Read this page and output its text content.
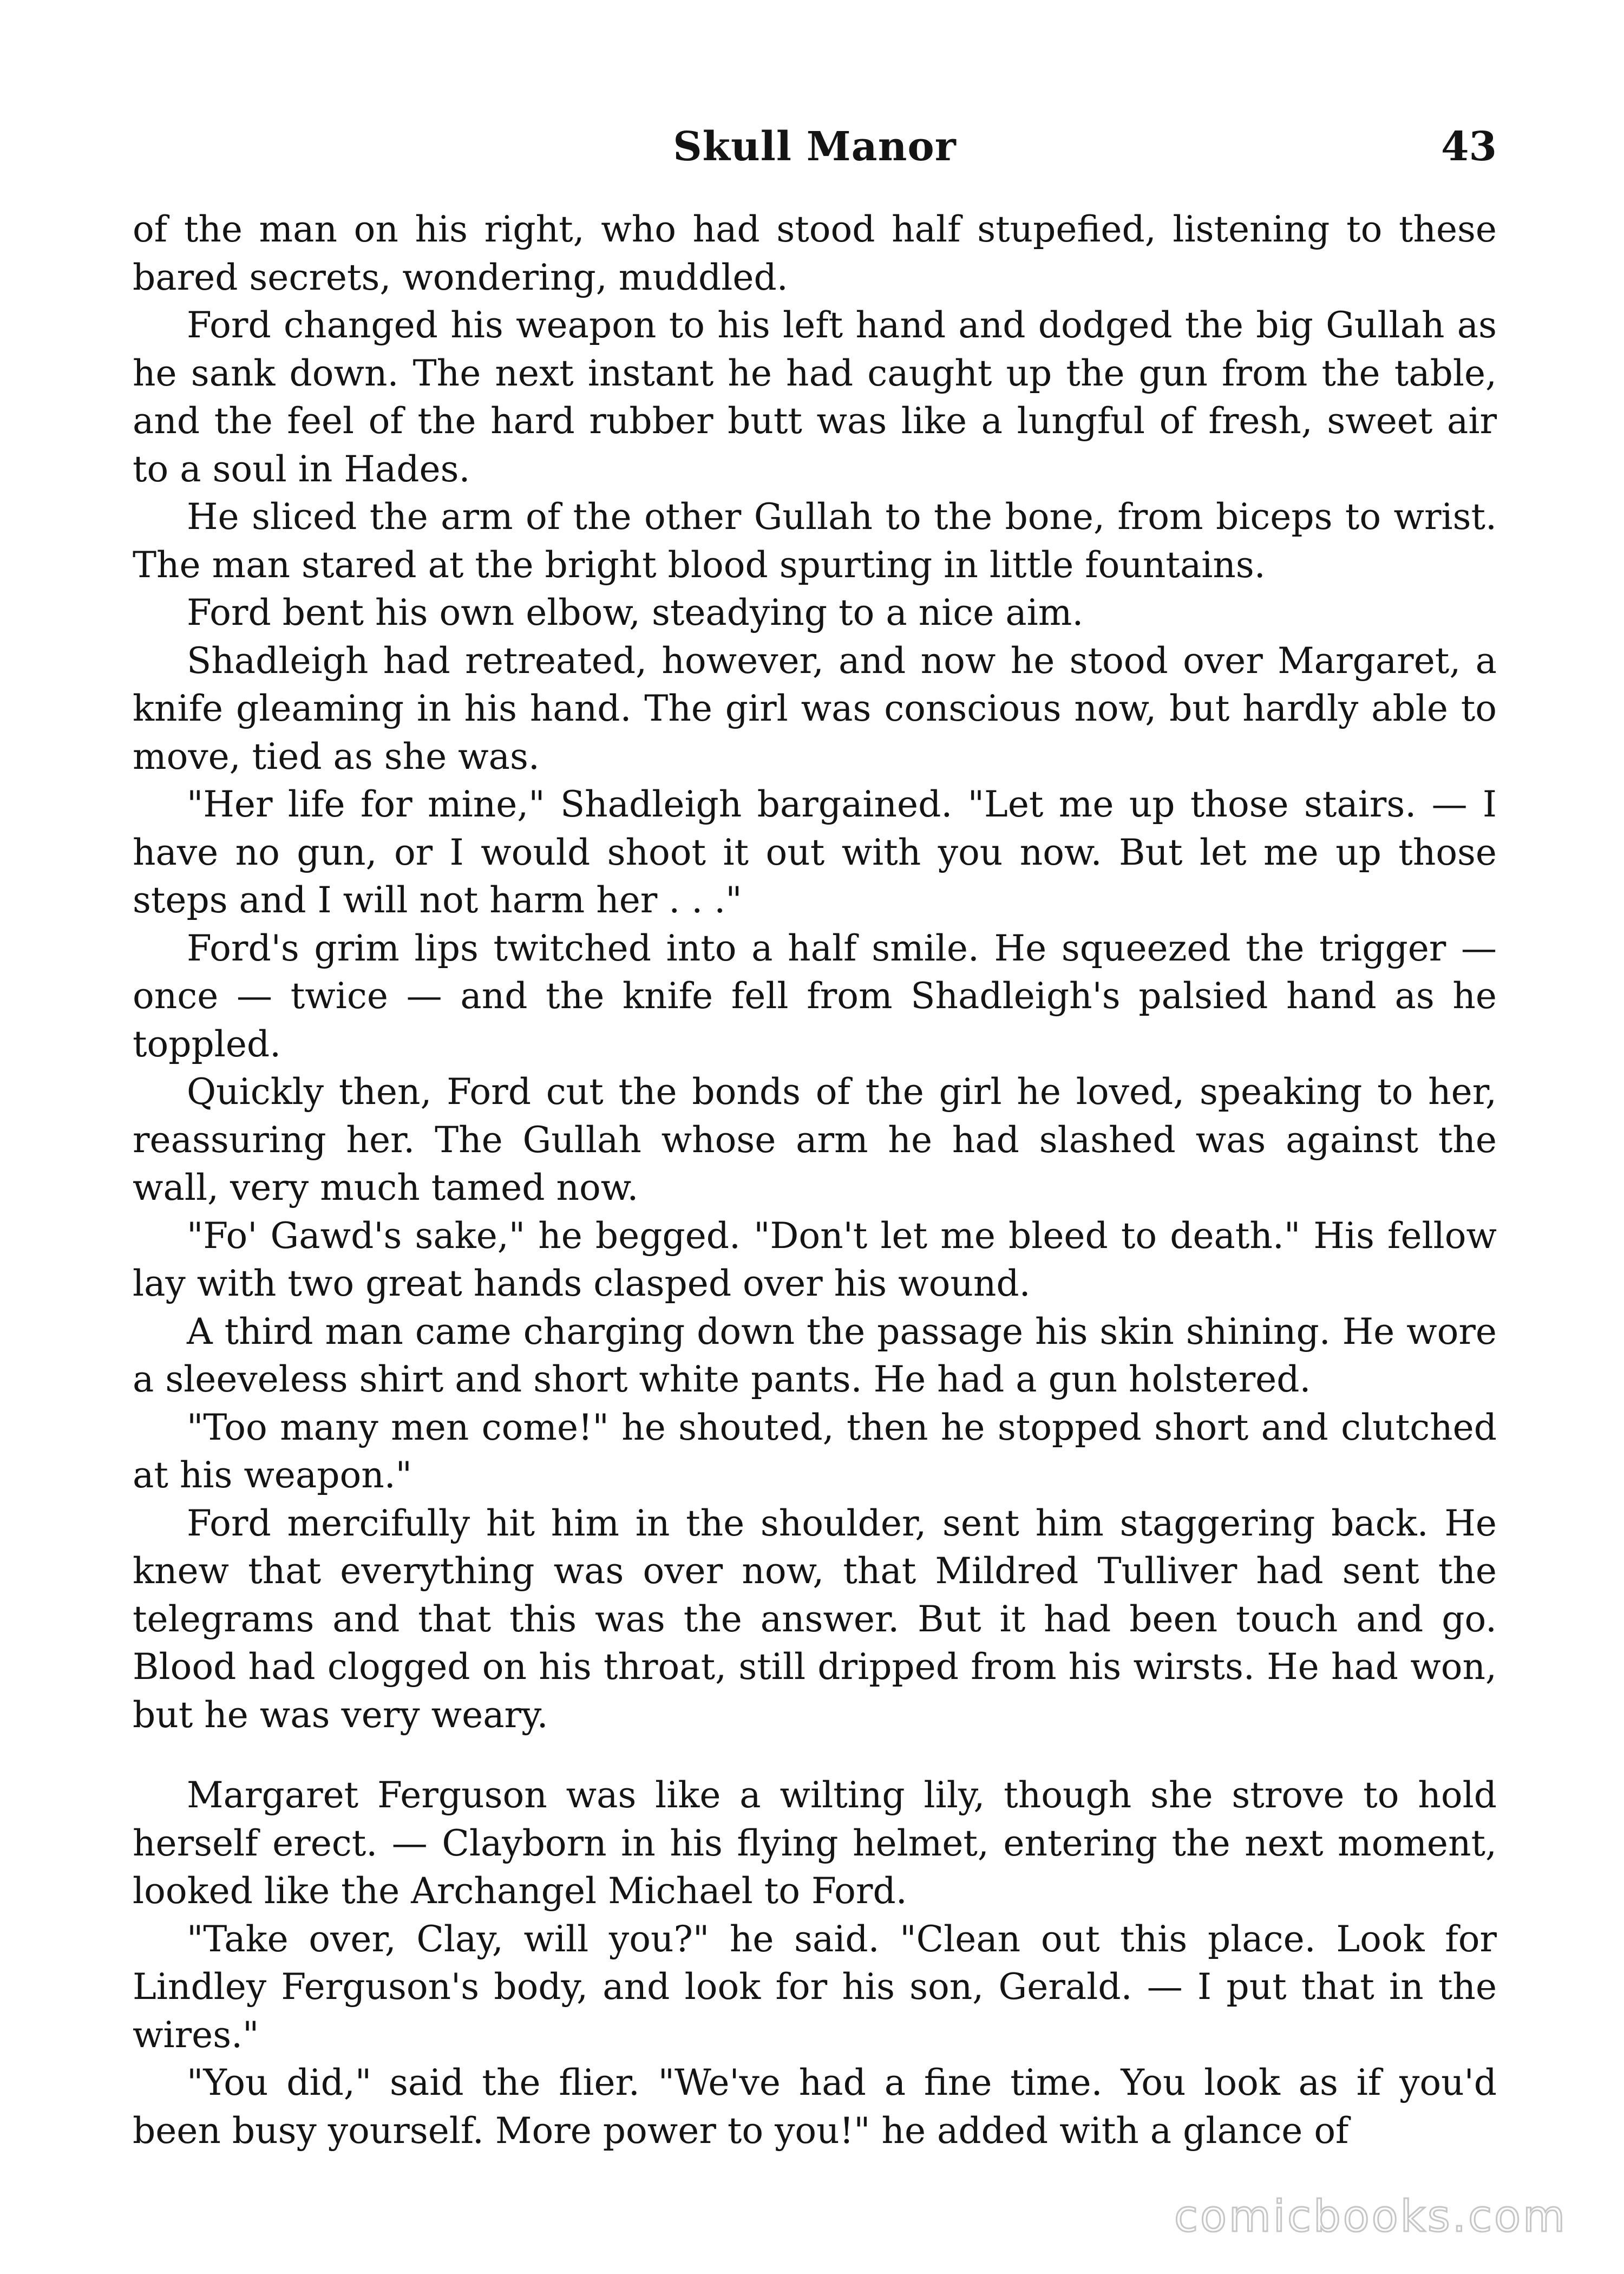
Skull Manor	43

of the man on his right, who had stood half stupefied, listening to these bared secrets, wondering, muddled.

Ford changed his weapon to his left hand and dodged the big Gullah as he sank down. The next instant he had caught up the gun from the table, and the feel of the hard rubber butt was like a lungful of fresh, sweet air to a soul in Hades.

He sliced the arm of the other Gullah to the bone, from biceps to wrist. The man stared at the bright blood spurting in little fountains.

Ford bent his own elbow, steadying to a nice aim.

Shadleigh had retreated, however, and now he stood over Margaret, a knife gleaming in his hand. The girl was conscious now, but hardly able to move, tied as she was.

"Her life for mine," Shadleigh bargained. "Let me up those stairs. — I have no gun, or I would shoot it out with you now. But let me up those steps and I will not harm her . . ."

Ford's grim lips twitched into a half smile. He squeezed the trigger — once — twice — and the knife fell from Shadleigh's palsied hand as he toppled.

Quickly then, Ford cut the bonds of the girl he loved, speaking to her, reassuring her. The Gullah whose arm he had slashed was against the wall, very much tamed now.

"Fo' Gawd's sake," he begged. "Don't let me bleed to death." His fellow lay with two great hands clasped over his wound.

A third man came charging down the passage his skin shining. He wore a sleeveless shirt and short white pants. He had a gun holstered.

"Too many men come!" he shouted, then he stopped short and clutched at his weapon."

Ford mercifully hit him in the shoulder, sent him staggering back. He knew that everything was over now, that Mildred Tulliver had sent the telegrams and that this was the answer. But it had been touch and go. Blood had clogged on his throat, still dripped from his wirsts. He had won, but he was very weary.

Margaret Ferguson was like a wilting lily, though she strove to hold herself erect. — Clayborn in his flying helmet, entering the next moment, looked like the Archangel Michael to Ford.

"Take over, Clay, will you?" he said. "Clean out this place. Look for Lindley Ferguson's body, and look for his son, Gerald. — I put that in the wires."

"You did," said the flier. "We've had a fine time. You look as if you'd been busy yourself. More power to you!" he added with a glance of

comicbooks.com
